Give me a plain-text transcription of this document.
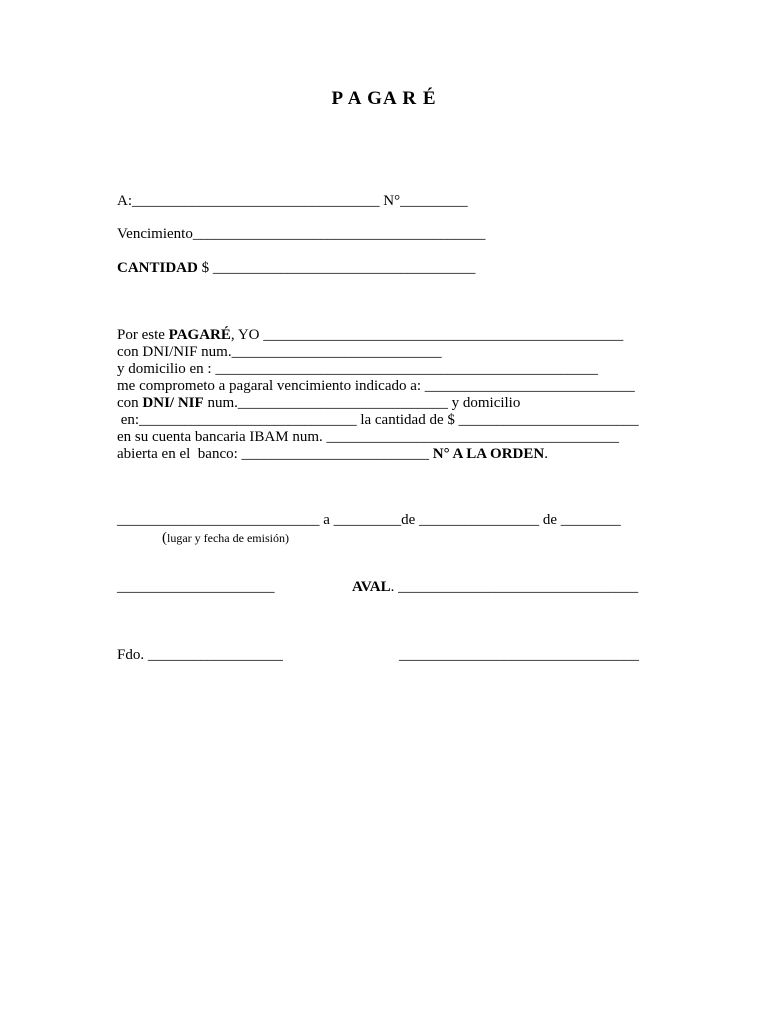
P A GA R É
A:_________________________________ N°_________
Vencimiento_______________________________________
CANTIDAD $ ___________________________________
Por este PAGARÉ, YO ________________________________________________
con DNI/NIF num.____________________________
y domicilio en : ___________________________________________________
me comprometo a pagaral vencimiento indicado a: ____________________________
con DNI/ NIF num.____________________________ y domicilio
en:_____________________________ la cantidad de $ ________________________
en su cuenta bancaria IBAM num. _______________________________________
abierta en el  banco: _________________________ N° A LA ORDEN.
___________________________ a _________de ________________ de ________
(lugar y fecha de emisión)
_____________________	AVAL. ________________________________
Fdo. __________________	________________________________
